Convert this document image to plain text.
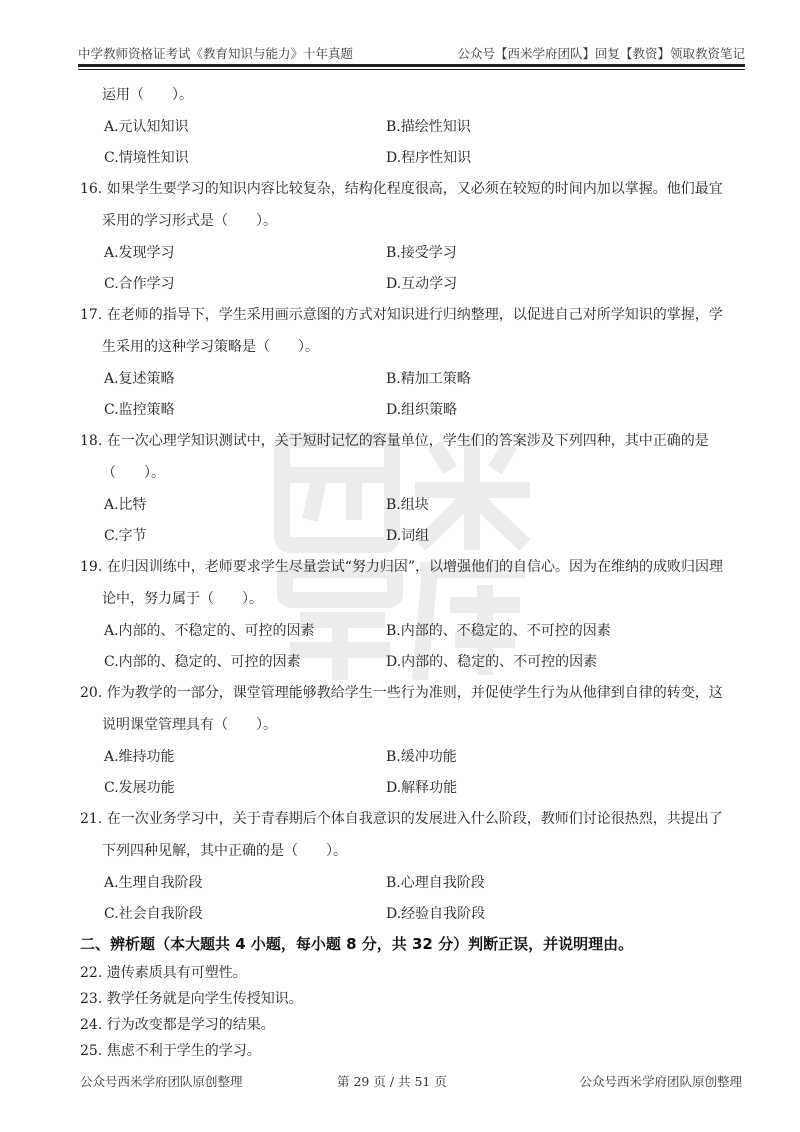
中学教师资格证考试《教育知识与能力》十年真题	公众号【西米学府团队】回复【教资】领取教资笔记
运用（　　）。
A.元认知知识	B.描绘性知识
C.情境性知识	D.程序性知识
16. 如果学生要学习的知识内容比较复杂，结构化程度很高，又必须在较短的时间内加以掌握。他们最宜
采用的学习形式是（　　）。
A.发现学习	B.接受学习
C.合作学习	D.互动学习
17. 在老师的指导下，学生采用画示意图的方式对知识进行归纳整理，以促进自己对所学知识的掌握，学
生采用的这种学习策略是（　　）。
A.复述策略	B.精加工策略
C.监控策略	D.组织策略
18. 在一次心理学知识测试中，关于短时记忆的容量单位，学生们的答案涉及下列四种，其中正确的是
（　　）。
A.比特	B.组块
C.字节	D.词组
19. 在归因训练中，老师要求学生尽量尝试“努力归因”，以增强他们的自信心。因为在维纳的成败归因理
论中，努力属于（　　）。
A.内部的、不稳定的、可控的因素	B.内部的、不稳定的、不可控的因素
C.内部的、稳定的、可控的因素	D.内部的、稳定的、不可控的因素
20. 作为教学的一部分，课堂管理能够教给学生一些行为准则，并促使学生行为从他律到自律的转变，这
说明课堂管理具有（　　）。
A.维持功能	B.缓冲功能
C.发展功能	D.解释功能
21. 在一次业务学习中，关于青春期后个体自我意识的发展进入什么阶段，教师们讨论很热烈，共提出了
下列四种见解，其中正确的是（　　）。
A.生理自我阶段	B.心理自我阶段
C.社会自我阶段	D.经验自我阶段
二、辨析题（本大题共 4 小题，每小题 8 分，共 32 分）判断正误，并说明理由。
22. 遗传素质具有可塑性。
23. 教学任务就是向学生传授知识。
24. 行为改变都是学习的结果。
25. 焦虑不利于学生的学习。
公众号西米学府团队原创整理	第 29 页 / 共 51 页	公众号西米学府团队原创整理
